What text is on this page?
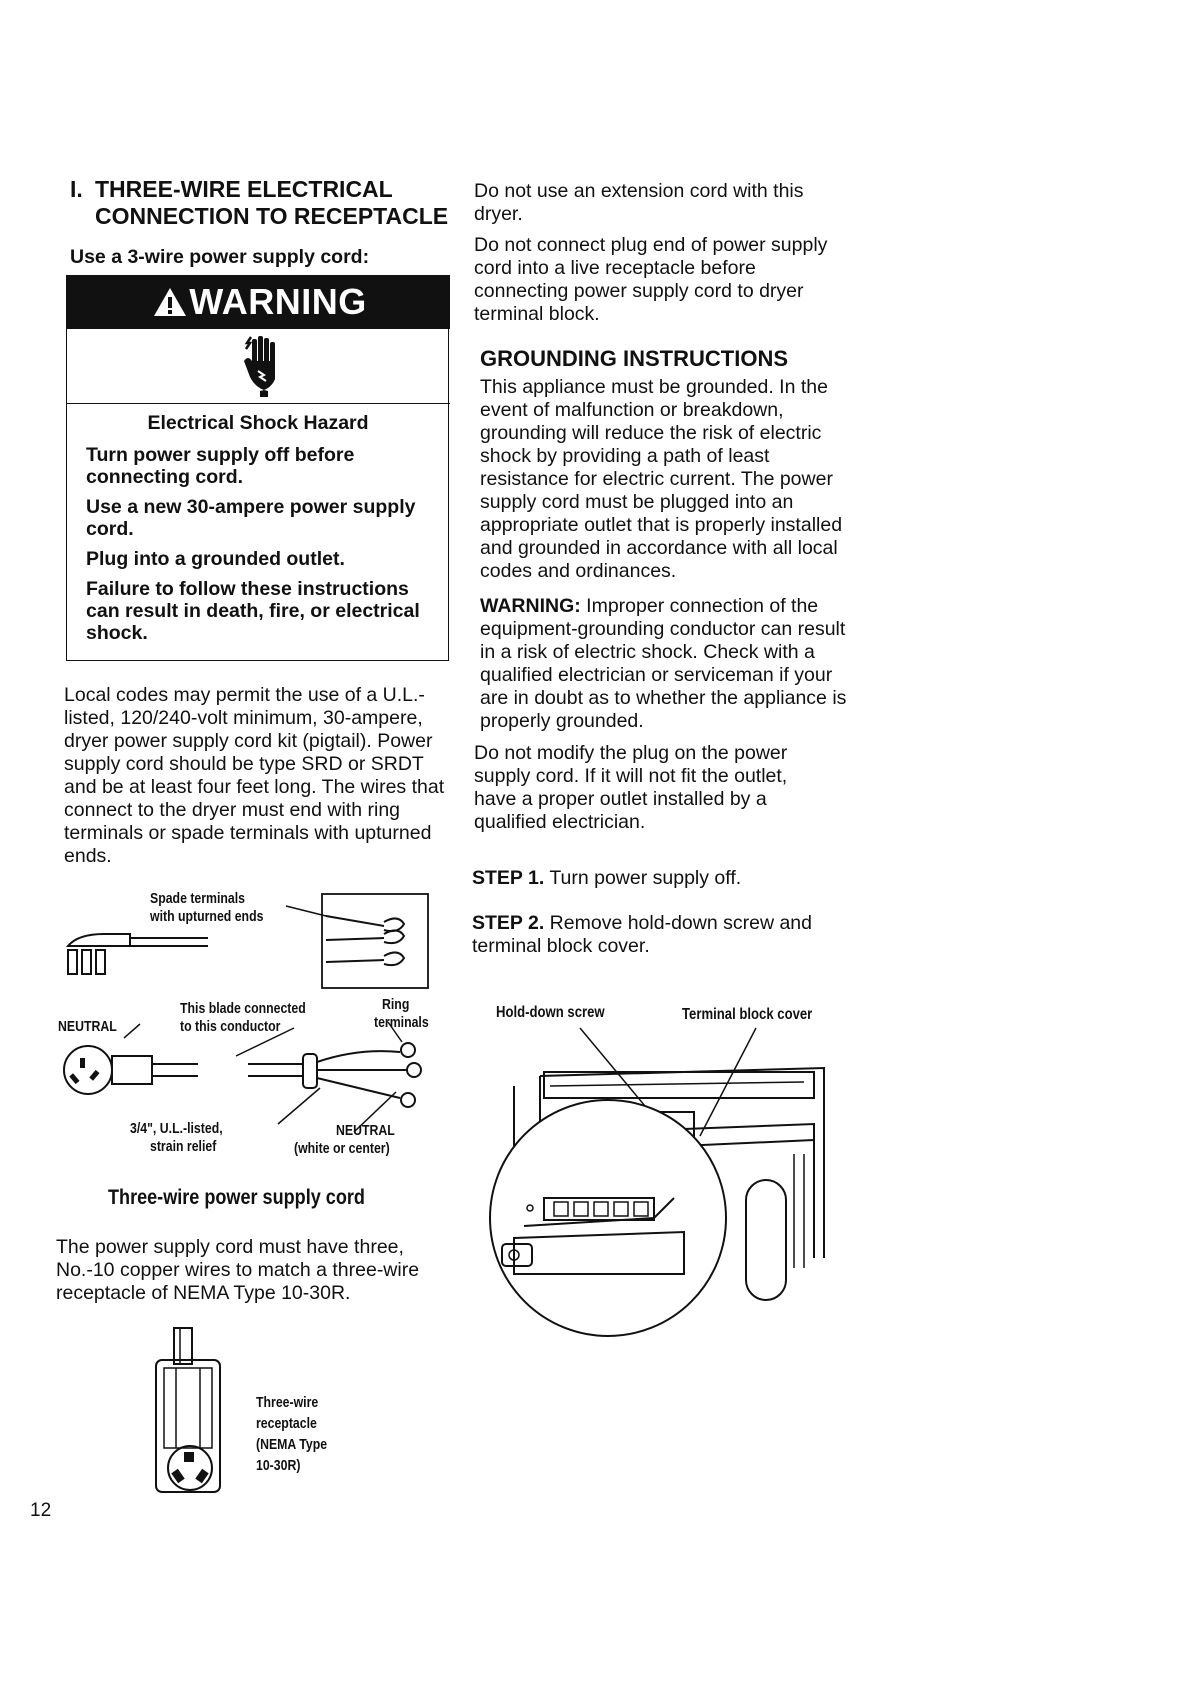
I. THREE-WIRE ELECTRICAL
CONNECTION TO RECEPTACLE
Use a 3-wire power supply cord:
WARNING

Electrical Shock Hazard

Turn power supply off before connecting cord.

Use a new 30-ampere power supply cord.

Plug into a grounded outlet.

Failure to follow these instructions can result in death, fire, or electrical shock.

Local codes may permit the use of a U.L.-listed, 120/240-volt minimum, 30-ampere, dryer power supply cord kit (pigtail). Power supply cord should be type SRD or SRDT and be at least four feet long. The wires that connect to the dryer must end with ring terminals or spade terminals with upturned ends.
Spade terminals
with upturned ends
This blade connected
to this conductor
NEUTRAL
Ring
terminals
3/4", U.L.-listed,
strain relief
NEUTRAL
(white or center)
Three-wire power supply cord
The power supply cord must have three, No.-10 copper wires to match a three-wire receptacle of NEMA Type 10-30R.
Three-wire
receptacle
(NEMA Type
10-30R)
12

Do not use an extension cord with this dryer.

Do not connect plug end of power supply cord into a live receptacle before connecting power supply cord to dryer terminal block.

GROUNDING INSTRUCTIONS
This appliance must be grounded. In the event of malfunction or breakdown, grounding will reduce the risk of electric shock by providing a path of least resistance for electric current. The power supply cord must be plugged into an appropriate outlet that is properly installed and grounded in accordance with all local codes and ordinances.
WARNING: Improper connection of the equipment-grounding conductor can result in a risk of electric shock. Check with a qualified electrician or serviceman if your are in doubt as to whether the appliance is properly grounded.
Do not modify the plug on the power supply cord. If it will not fit the outlet, have a proper outlet installed by a qualified electrician.
STEP 1. Turn power supply off.
STEP 2. Remove hold-down screw and terminal block cover.
Hold-down screw	Terminal block cover
